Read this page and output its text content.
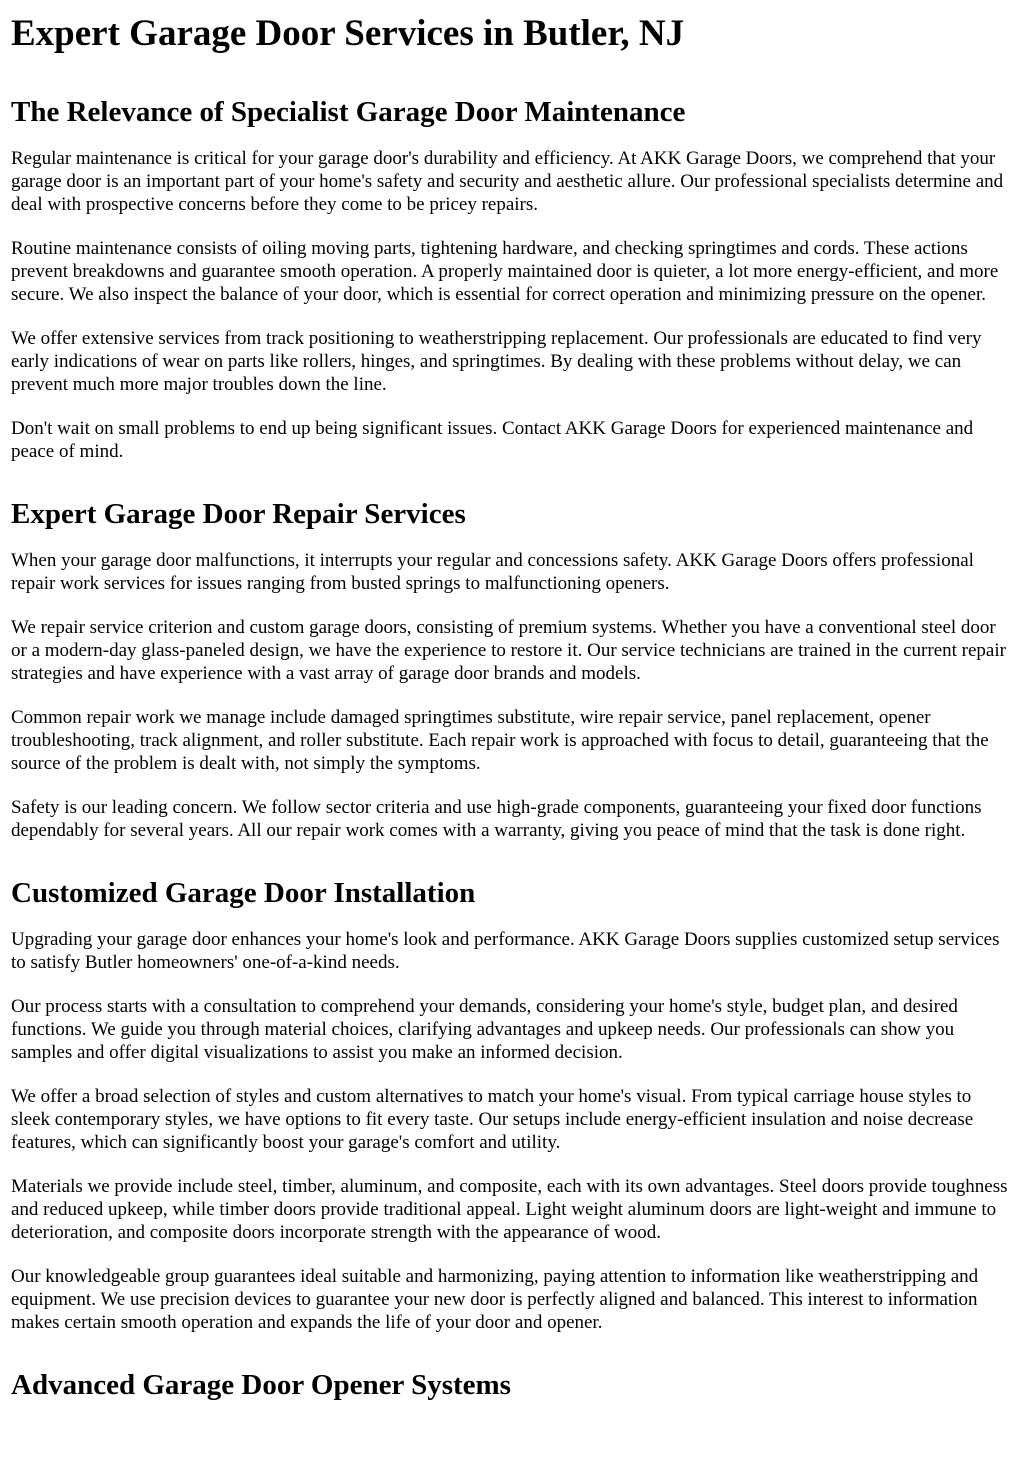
Expert Garage Door Services in Butler, NJ
The Relevance of Specialist Garage Door Maintenance

Regular maintenance is critical for your garage door's durability and efficiency. At AKK Garage Doors, we comprehend that your garage door is an important part of your home's safety and security and aesthetic allure. Our professional specialists determine and deal with prospective concerns before they come to be pricey repairs.

Routine maintenance consists of oiling moving parts, tightening hardware, and checking springtimes and cords. These actions prevent breakdowns and guarantee smooth operation. A properly maintained door is quieter, a lot more energy-efficient, and more secure. We also inspect the balance of your door, which is essential for correct operation and minimizing pressure on the opener.

We offer extensive services from track positioning to weatherstripping replacement. Our professionals are educated to find very early indications of wear on parts like rollers, hinges, and springtimes. By dealing with these problems without delay, we can prevent much more major troubles down the line.

Don't wait on small problems to end up being significant issues. Contact AKK Garage Doors for experienced maintenance and peace of mind.

Expert Garage Door Repair Services

When your garage door malfunctions, it interrupts your regular and concessions safety. AKK Garage Doors offers professional repair work services for issues ranging from busted springs to malfunctioning openers.

We repair service criterion and custom garage doors, consisting of premium systems. Whether you have a conventional steel door or a modern-day glass-paneled design, we have the experience to restore it. Our service technicians are trained in the current repair strategies and have experience with a vast array of garage door brands and models.

Common repair work we manage include damaged springtimes substitute, wire repair service, panel replacement, opener troubleshooting, track alignment, and roller substitute. Each repair work is approached with focus to detail, guaranteeing that the source of the problem is dealt with, not simply the symptoms.

Safety is our leading concern. We follow sector criteria and use high-grade components, guaranteeing your fixed door functions dependably for several years. All our repair work comes with a warranty, giving you peace of mind that the task is done right.

Customized Garage Door Installation

Upgrading your garage door enhances your home's look and performance. AKK Garage Doors supplies customized setup services to satisfy Butler homeowners' one-of-a-kind needs.

Our process starts with a consultation to comprehend your demands, considering your home's style, budget plan, and desired functions. We guide you through material choices, clarifying advantages and upkeep needs. Our professionals can show you samples and offer digital visualizations to assist you make an informed decision.

We offer a broad selection of styles and custom alternatives to match your home's visual. From typical carriage house styles to sleek contemporary styles, we have options to fit every taste. Our setups include energy-efficient insulation and noise decrease features, which can significantly boost your garage's comfort and utility.

Materials we provide include steel, timber, aluminum, and composite, each with its own advantages. Steel doors provide toughness and reduced upkeep, while timber doors provide traditional appeal. Light weight aluminum doors are light-weight and immune to deterioration, and composite doors incorporate strength with the appearance of wood.

Our knowledgeable group guarantees ideal suitable and harmonizing, paying attention to information like weatherstripping and equipment. We use precision devices to guarantee your new door is perfectly aligned and balanced. This interest to information makes certain smooth operation and expands the life of your door and opener.

Advanced Garage Door Opener Systems
